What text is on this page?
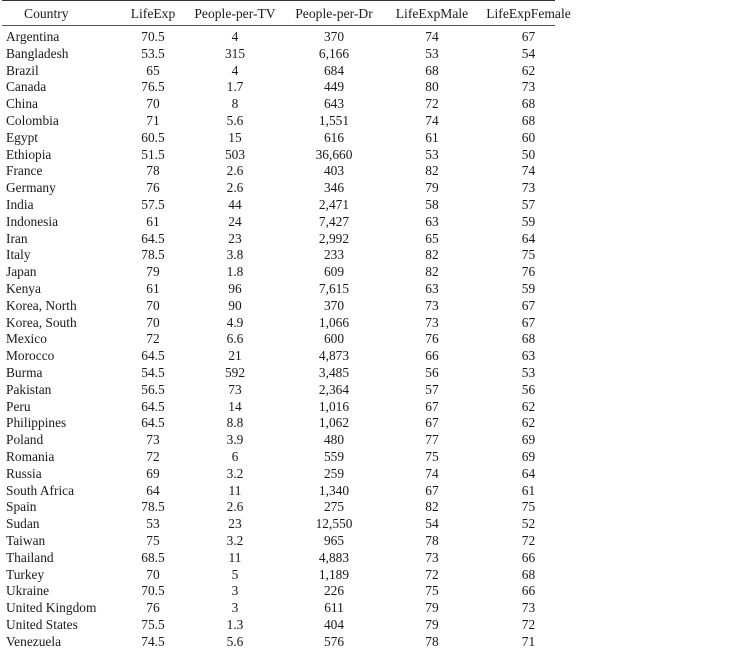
Country	LifeExp	People-per-TV	People-per-Dr	LifeExpMale	LifeExpFemale
Argentina	70.5	4	370	74	67
Bangladesh	53.5	315	6,166	53	54
Brazil	65	4	684	68	62
Canada	76.5	1.7	449	80	73
China	70	8	643	72	68
Colombia	71	5.6	1,551	74	68
Egypt	60.5	15	616	61	60
Ethiopia	51.5	503	36,660	53	50
France	78	2.6	403	82	74
Germany	76	2.6	346	79	73
India	57.5	44	2,471	58	57
Indonesia	61	24	7,427	63	59
Iran	64.5	23	2,992	65	64
Italy	78.5	3.8	233	82	75
Japan	79	1.8	609	82	76
Kenya	61	96	7,615	63	59
Korea, North	70	90	370	73	67
Korea, South	70	4.9	1,066	73	67
Mexico	72	6.6	600	76	68
Morocco	64.5	21	4,873	66	63
Burma	54.5	592	3,485	56	53
Pakistan	56.5	73	2,364	57	56
Peru	64.5	14	1,016	67	62
Philippines	64.5	8.8	1,062	67	62
Poland	73	3.9	480	77	69
Romania	72	6	559	75	69
Russia	69	3.2	259	74	64
South Africa	64	11	1,340	67	61
Spain	78.5	2.6	275	82	75
Sudan	53	23	12,550	54	52
Taiwan	75	3.2	965	78	72
Thailand	68.5	11	4,883	73	66
Turkey	70	5	1,189	72	68
Ukraine	70.5	3	226	75	66
United Kingdom	76	3	611	79	73
United States	75.5	1.3	404	79	72
Venezuela	74.5	5.6	576	78	71
